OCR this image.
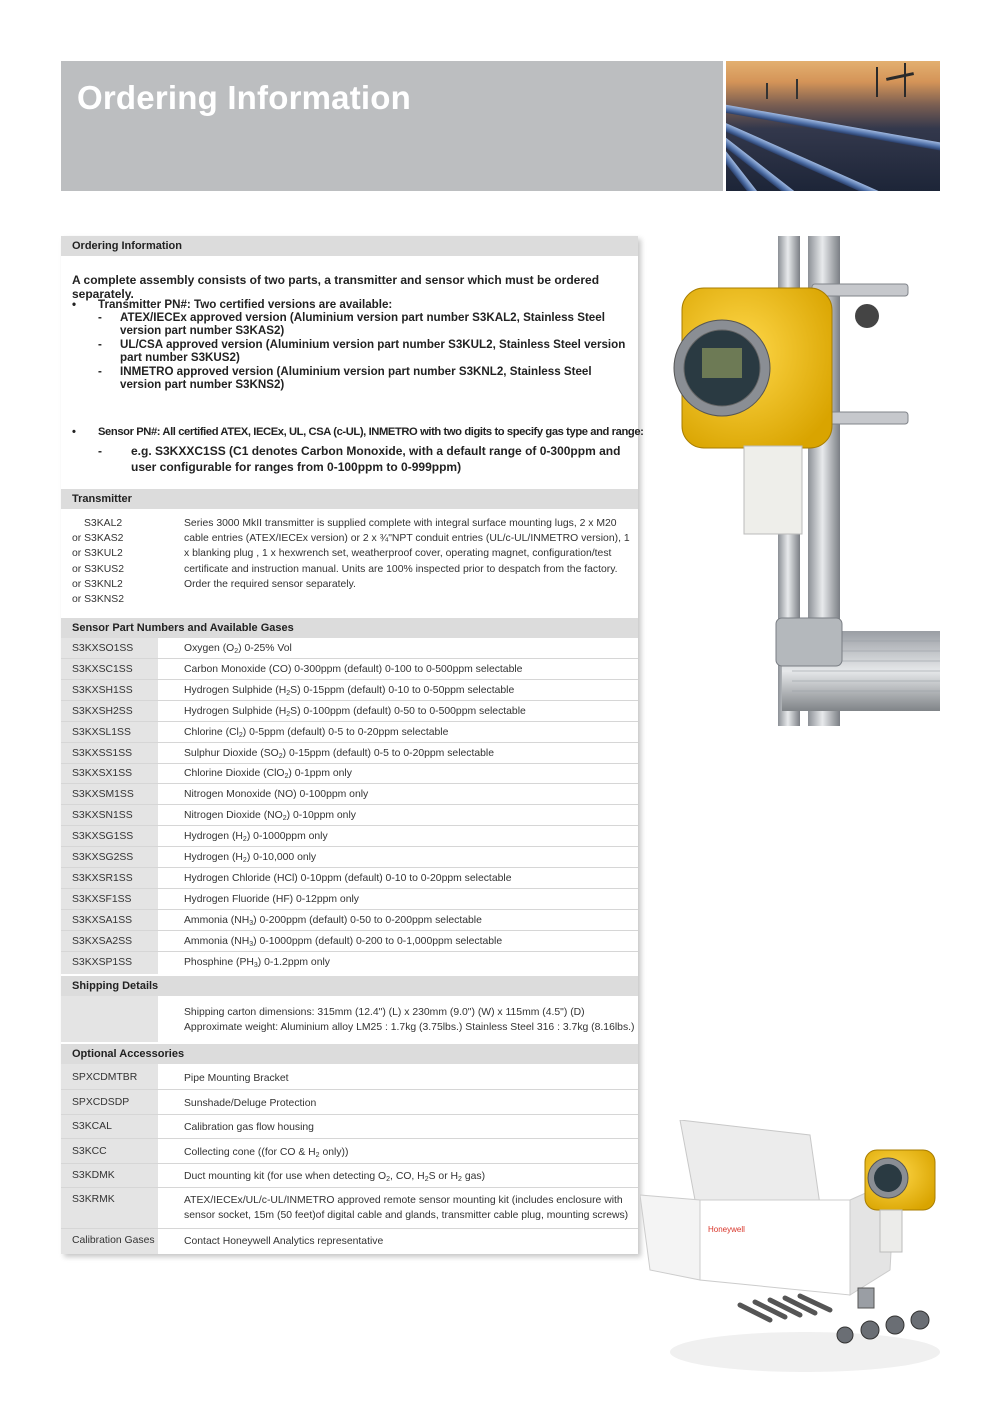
Ordering Information
Ordering Information
A complete assembly consists of two parts, a transmitter and sensor which must be ordered separately.
• Transmitter PN#: Two certified versions are available:
- ATEX/IECEx approved version (Aluminium version part number S3KAL2, Stainless Steel version part number S3KAS2)
- UL/CSA approved version (Aluminium version part number S3KUL2, Stainless Steel version part number S3KUS2)
- INMETRO approved version (Aluminium version part number S3KNL2, Stainless Steel version part number S3KNS2)
• Sensor PN#: All certified ATEX, IECEx, UL, CSA (c-UL), INMETRO with two digits to specify gas type and range:
- e.g. S3KXXC1SS (C1 denotes Carbon Monoxide, with a default range of 0-300ppm and user configurable for ranges from 0-100ppm to 0-999ppm)
Transmitter
S3KAL2
or S3KAS2
or S3KUL2
or S3KUS2
or S3KNL2
or S3KNS2
Series 3000 MkII transmitter is supplied complete with integral surface mounting lugs, 2 x M20 cable entries (ATEX/IECEx version) or 2 x ¾"NPT conduit entries (UL/c-UL/INMETRO version), 1 x blanking plug , 1 x hexwrench set, weatherproof cover, operating magnet, configuration/test certificate and instruction manual. Units are 100% inspected prior to despatch from the factory. Order the required sensor separately.
Sensor Part Numbers and Available Gases
S3KXSO1SS	Oxygen $(O_2)$ 0-25% Vol
S3KXSC1SS	Carbon Monoxide (CO) 0-300ppm (default) 0-100 to 0-500ppm selectable
S3KXSH1SS	Hydrogen Sulphide $(H_2S)$ 0-15ppm (default) 0-10 to 0-50ppm selectable
S3KXSH2SS	Hydrogen Sulphide $(H_2S)$ 0-100ppm (default) 0-50 to 0-500ppm selectable
S3KXSL1SS	Chlorine $(Cl_2)$ 0-5ppm (default) 0-5 to 0-20ppm selectable
S3KXSS1SS	Sulphur Dioxide $(SO_2)$ 0-15ppm (default) 0-5 to 0-20ppm selectable
S3KXSX1SS	Chlorine Dioxide (ClO$_2$) 0-1ppm only
S3KXSM1SS	Nitrogen Monoxide (NO) 0-100ppm only
S3KXSN1SS	Nitrogen Dioxide $(NO_2)$ 0-10ppm only
S3KXSG1SS	Hydrogen $(H_2)$ 0-1000ppm only
S3KXSG2SS	Hydrogen $(H_2)$ 0-10,000 only
S3KXSR1SS	Hydrogen Chloride (HCl) 0-10ppm (default) 0-10 to 0-20ppm selectable
S3KXSF1SS	Hydrogen Fluoride (HF) 0-12ppm only
S3KXSA1SS	Ammonia $(NH_3)$ 0-200ppm (default) 0-50 to 0-200ppm selectable
S3KXSA2SS	Ammonia $(NH_3)$ 0-1000ppm (default) 0-200 to 0-1,000ppm selectable
S3KXSP1SS	Phosphine $(PH_3)$ 0-1.2ppm only
Shipping Details
Shipping carton dimensions: 315mm (12.4") (L) x 230mm (9.0") (W) x 115mm (4.5") (D)
Approximate weight: Aluminium alloy LM25 : 1.7kg (3.75lbs.) Stainless Steel 316 : 3.7kg (8.16lbs.)
Optional Accessories
SPXCDMTBR	Pipe Mounting Bracket
SPXCDSDP	Sunshade/Deluge Protection
S3KCAL	Calibration gas flow housing
S3KCC	Collecting cone ((for CO & $H_2$ only))
S3KDMK	Duct mounting kit (for use when detecting $O_2$, CO, $H_2S$ or $H_2$ gas)
S3KRMK	ATEX/IECEx/UL/c-UL/INMETRO approved remote sensor mounting kit (includes enclosure with sensor socket, 15m (50 feet)of digital cable and glands, transmitter cable plug, mounting screws)
Calibration Gases	Contact Honeywell Analytics representative
Honeywell
